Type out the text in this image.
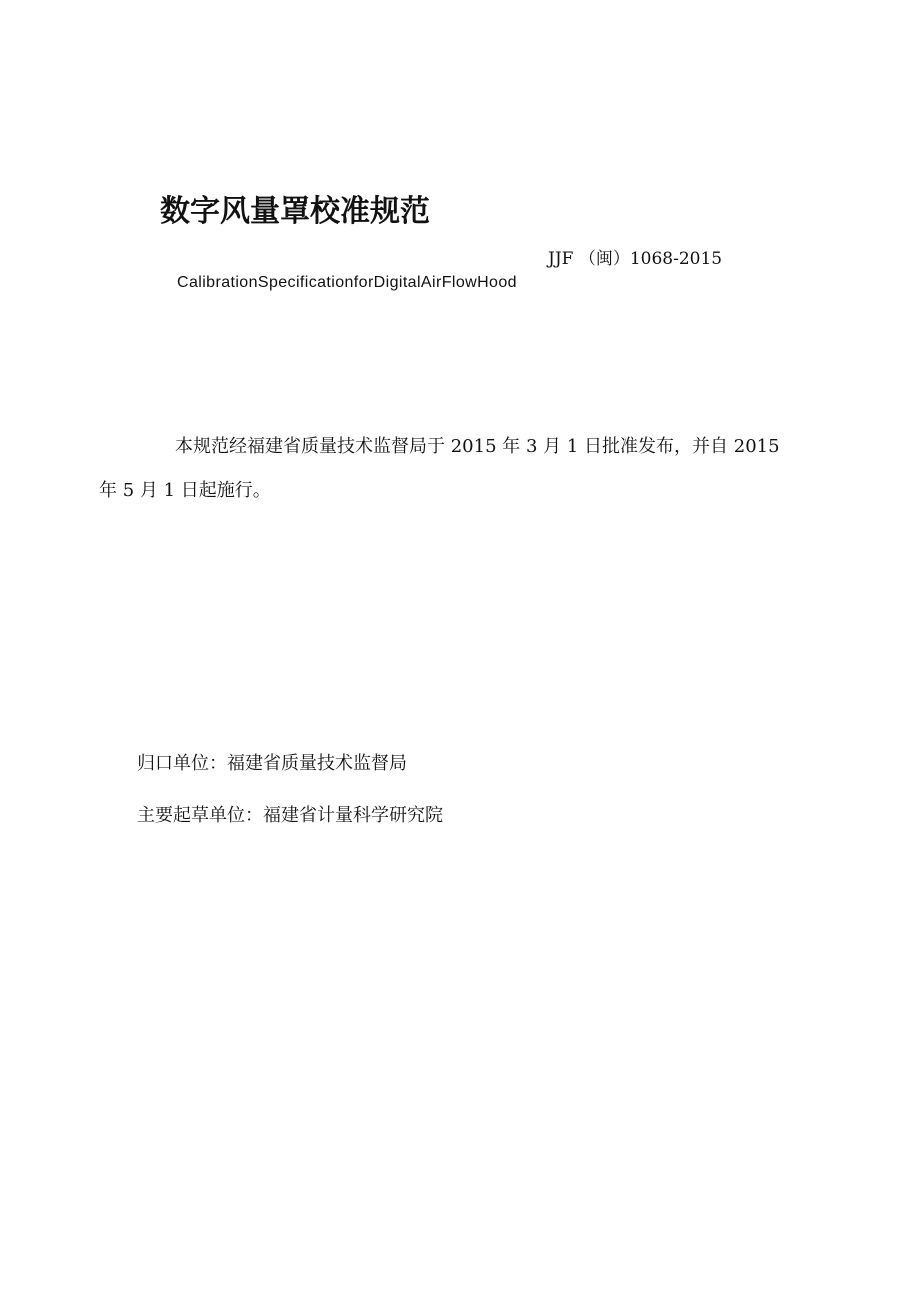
数字风量罩校准规范
JJF （闽）1068-2015
CalibrationSpecificationforDigitalAirFlowHood
本规范经福建省质量技术监督局于 2015 年 3 月 1 日批准发布，并自 2015
年 5 月 1 日起施行。
归口单位：福建省质量技术监督局
主要起草单位：福建省计量科学研究院
